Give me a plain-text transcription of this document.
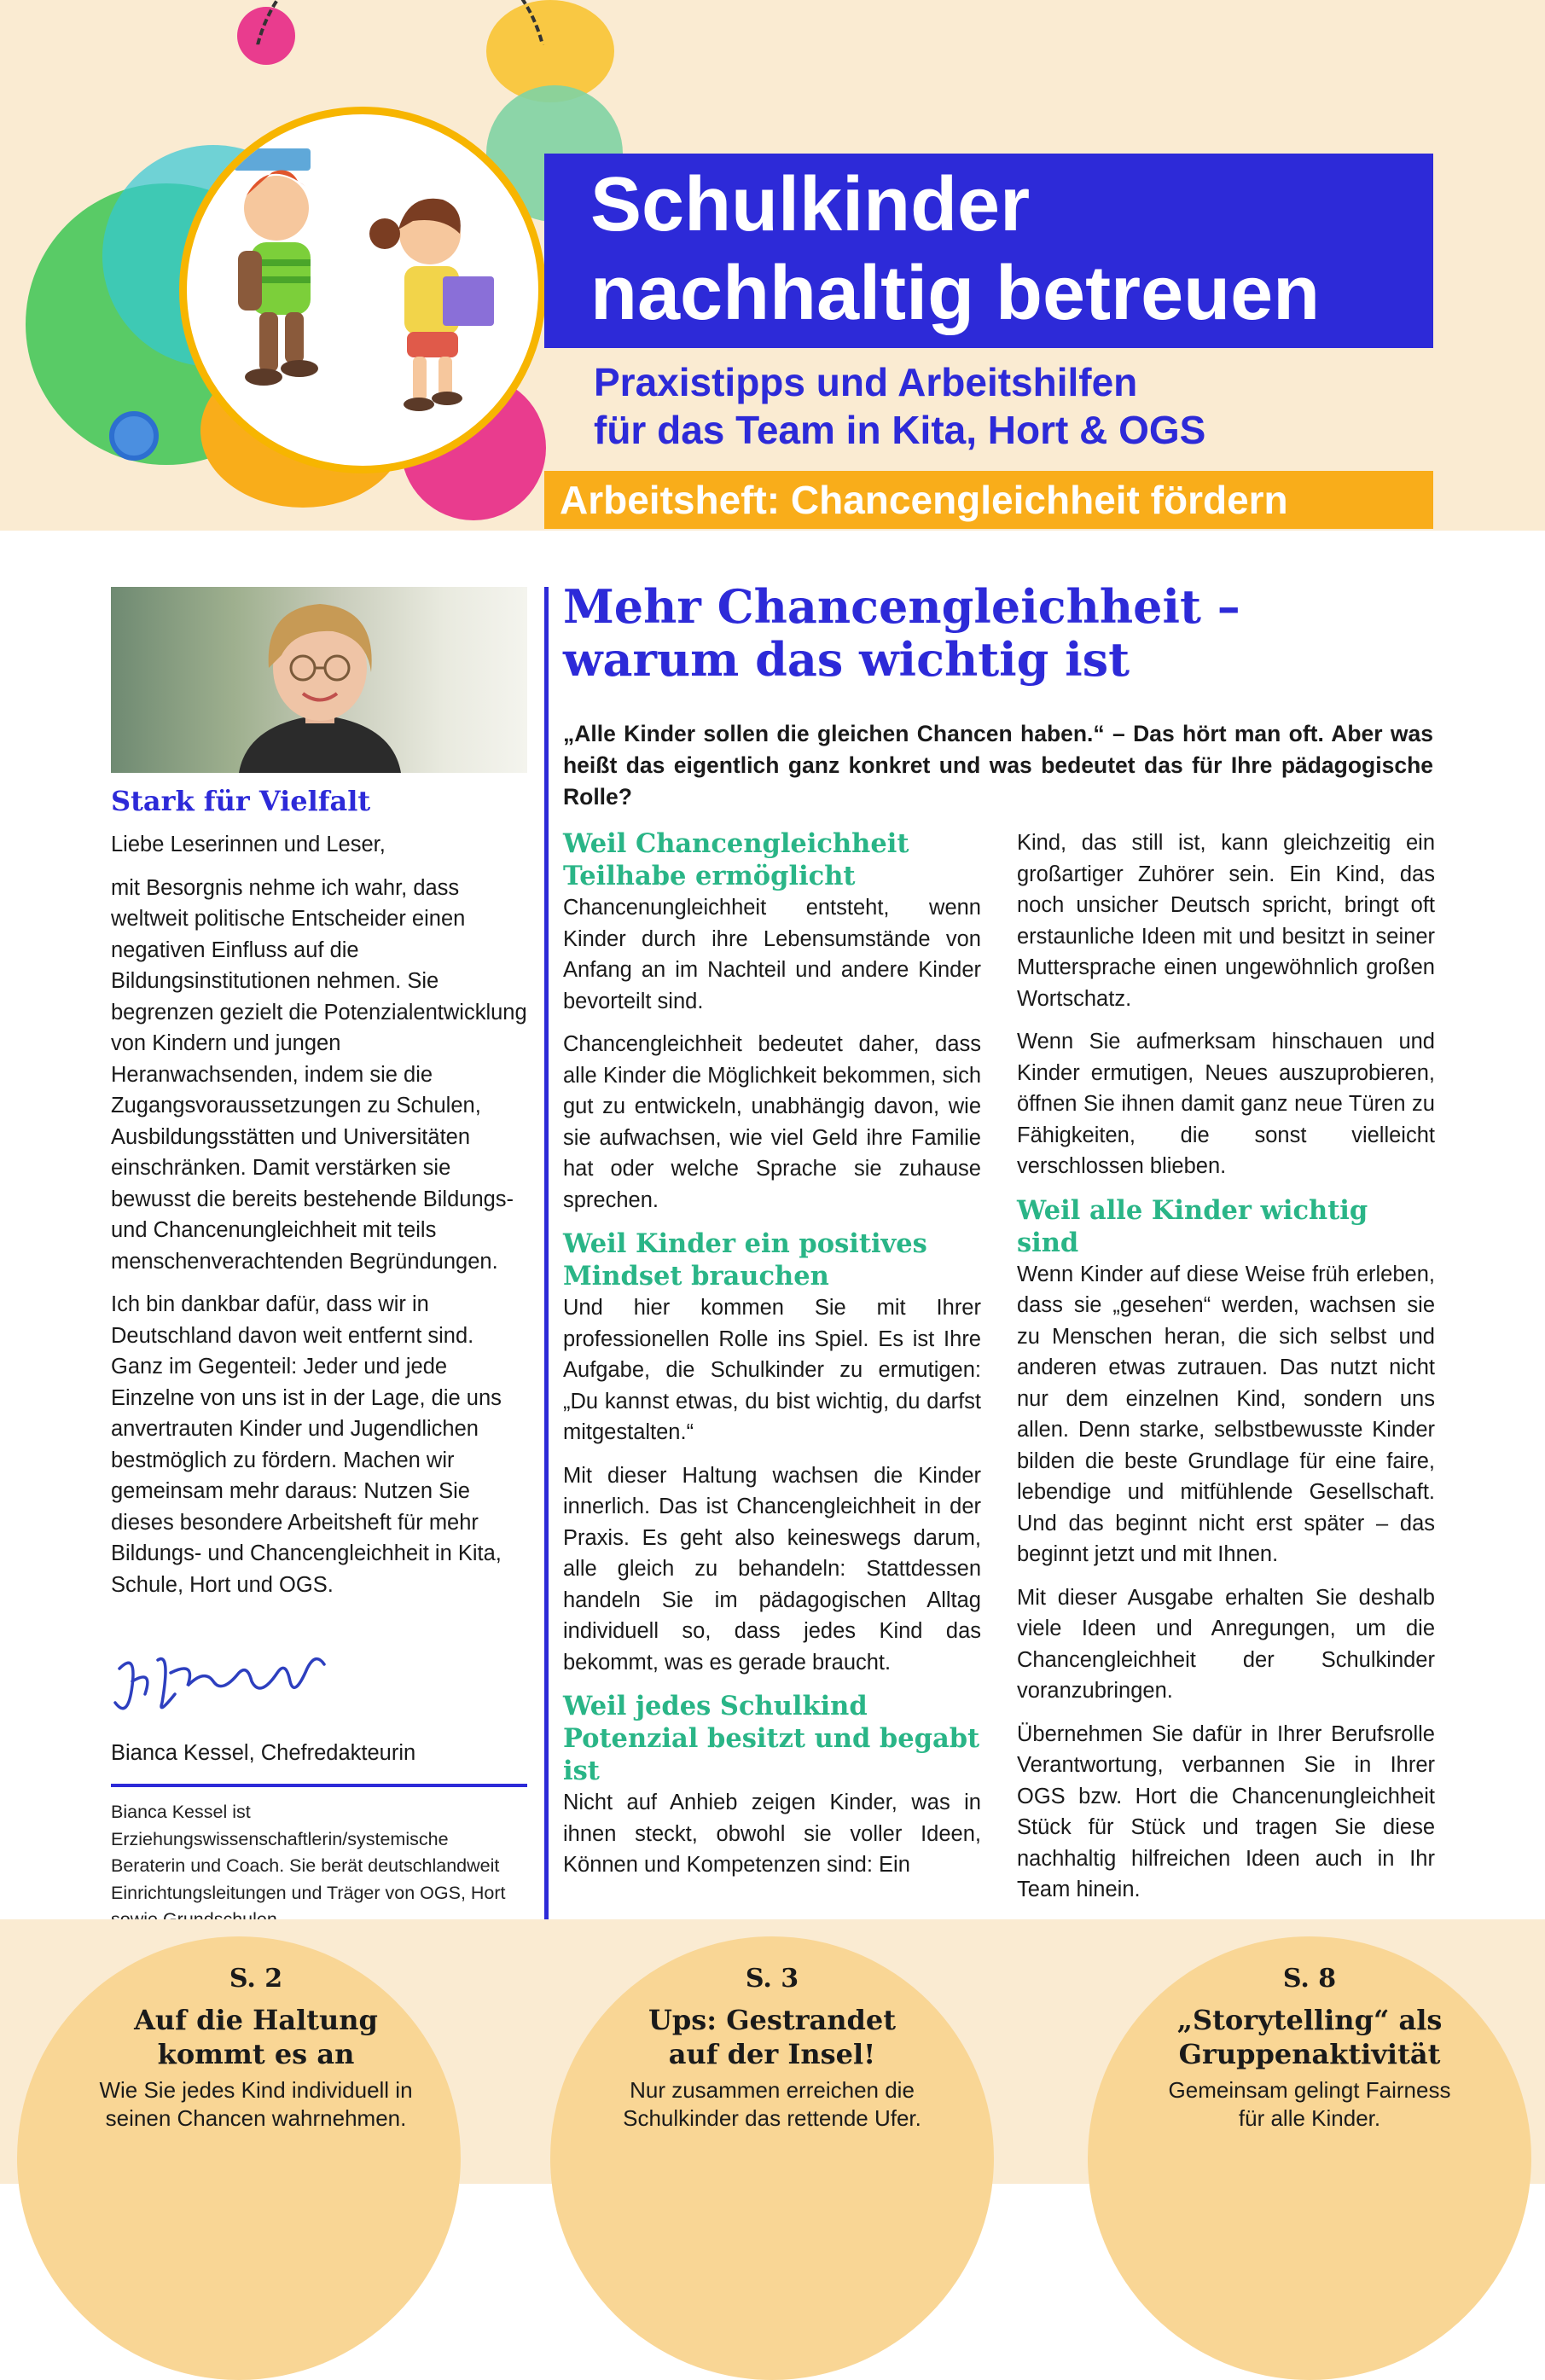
Schulkinder
nachhaltig betreuen
Praxistipps und Arbeitshilfen
für das Team in Kita, Hort & OGS
Arbeitsheft: Chancengleichheit fördern
Stark für Vielfalt

Liebe Leserinnen und Leser,

mit Besorgnis nehme ich wahr, dass weltweit politische Entscheider einen negativen Einfluss auf die Bildungsinstitutionen nehmen. Sie begrenzen gezielt die Potenzialentwicklung von Kindern und jungen Heranwachsenden, indem sie die Zugangsvoraussetzungen zu Schulen, Ausbildungsstätten und Universitäten einschränken. Damit verstärken sie bewusst die bereits bestehende Bildungs- und Chancenungleichheit mit teils menschenverachtenden Begründungen.

Ich bin dankbar dafür, dass wir in Deutschland davon weit entfernt sind. Ganz im Gegenteil: Jeder und jede Einzelne von uns ist in der Lage, die uns anvertrauten Kinder und Jugendlichen bestmöglich zu fördern. Machen wir gemeinsam mehr daraus: Nutzen Sie dieses besondere Arbeitsheft für mehr Bildungs- und Chancengleichheit in Kita, Schule, Hort und OGS.

Bianca Kessel, Chefredakteurin
Bianca Kessel ist Erziehungswissenschaftlerin/systemische Beraterin und Coach. Sie berät deutschlandweit Einrichtungsleitungen und Träger von OGS, Hort
Mehr Chancengleichheit –
warum das wichtig ist

„Alle Kinder sollen die gleichen Chancen haben.“ – Das hört man oft. Aber was heißt das eigentlich ganz konkret und was bedeutet das für Ihre pädagogische Rolle?

Weil Chancengleichheit Teilhabe ermöglicht

Chancenungleichheit entsteht, wenn Kinder durch ihre Lebensumstände von Anfang an im Nachteil und andere Kinder bevorteilt sind.

Chancengleichheit bedeutet daher, dass alle Kinder die Möglichkeit bekommen, sich gut zu entwickeln, unabhängig davon, wie sie aufwachsen, wie viel Geld ihre Familie hat oder welche Sprache sie zuhause sprechen.

Weil Kinder ein positives Mindset brauchen

Und hier kommen Sie mit Ihrer professionellen Rolle ins Spiel. Es ist Ihre Aufgabe, die Schulkinder zu ermutigen: „Du kannst etwas, du bist wichtig, du darfst mitgestalten.“

Mit dieser Haltung wachsen die Kinder innerlich. Das ist Chancengleichheit in der Praxis. Es geht also keineswegs darum, alle gleich zu behandeln: Stattdessen handeln Sie im pädagogischen Alltag individuell so, dass jedes Kind das bekommt, was es gerade braucht.

Weil jedes Schulkind Potenzial besitzt und begabt ist

Nicht auf Anhieb zeigen Kinder, was in ihnen steckt, obwohl sie voller Ideen, Können und Kompetenzen sind: Ein

Kind, das still ist, kann gleichzeitig ein großartiger Zuhörer sein. Ein Kind, das noch unsicher Deutsch spricht, bringt oft erstaunliche Ideen mit und besitzt in seiner Muttersprache einen ungewöhnlich großen Wortschatz.

Wenn Sie aufmerksam hinschauen und Kinder ermutigen, Neues auszuprobieren, öffnen Sie ihnen damit ganz neue Türen zu Fähigkeiten, die sonst vielleicht verschlossen blieben.

Weil alle Kinder wichtig sind

Wenn Kinder auf diese Weise früh erleben, dass sie „gesehen“ werden, wachsen sie zu Menschen heran, die sich selbst und anderen etwas zutrauen. Das nutzt nicht nur dem einzelnen Kind, sondern uns allen. Denn starke, selbstbewusste Kinder bilden die beste Grundlage für eine faire, lebendige und mitfühlende Gesellschaft. Und das beginnt nicht erst später – das beginnt jetzt und mit Ihnen.

Mit dieser Ausgabe erhalten Sie deshalb viele Ideen und Anregungen, um die Chancengleichheit der Schulkinder voranzubringen.

Übernehmen Sie dafür in Ihrer Berufsrolle Verantwortung, verbannen Sie in Ihrer OGS bzw. Hort die Chancenungleichheit Stück für Stück und tragen Sie diese nachhaltig hilfreichen Ideen auch in Ihr Team hinein.

S. 2

Auf die Haltung
kommt es an

Wie Sie jedes Kind individuell in
seinen Chancen wahrnehmen.

S. 3

Ups: Gestrandet
auf der Insel!

Nur zusammen erreichen die
Schulkinder das rettende Ufer.

S. 8

„Storytelling“ als
Gruppenaktivität

Gemeinsam gelingt Fairness
für alle Kinder.
